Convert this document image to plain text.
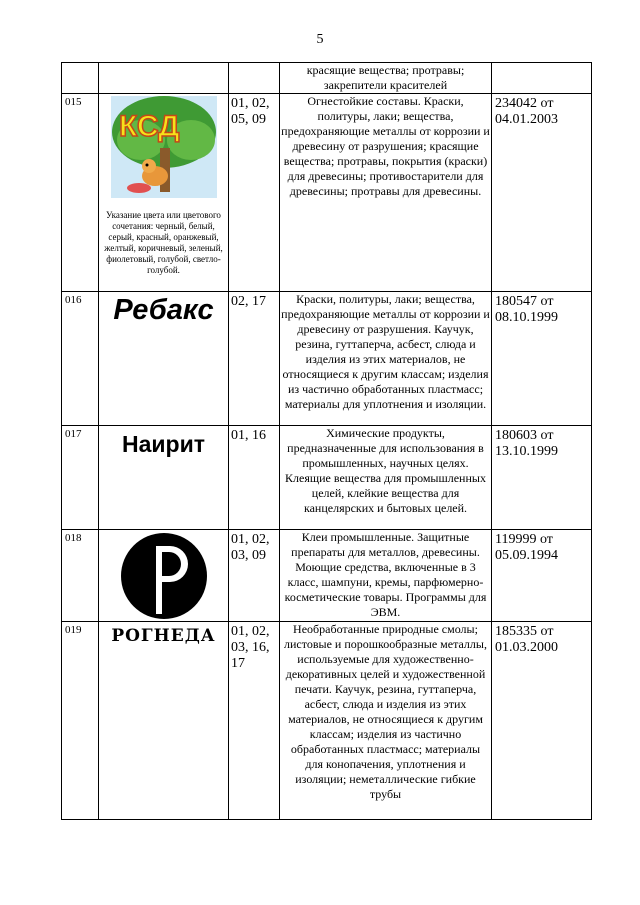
5
			красящие вещества; протравы; закрепители красителей	
015	КСД
Указание цвета или цветового сочетания: черный, белый, серый, красный, оранжевый, желтый, коричневый, зеленый, фиолетовый, голубой, светло-голубой.	01, 02, 05, 09	Огнестойкие составы. Краски, политуры, лаки; вещества, предохраняющие металлы от коррозии и древесину от разрушения; красящие вещества; протравы, покрытия (краски) для древесины; противостарители для древесины; протравы для древесины.	234042 от 04.01.2003
016	Ребакс	02, 17	Краски, политуры, лаки; вещества, предохраняющие металлы от коррозии и древесину от разрушения. Каучук, резина, гуттаперча, асбест, слюда и изделия из этих материалов, не относящиеся к другим классам; изделия из частично обработанных пластмасс; материалы для уплотнения и изоляции.	180547 от 08.10.1999
017	Наирит	01, 16	Химические продукты, предназначенные для использования в промышленных, научных целях. Клеящие вещества для промышленных целей, клейкие вещества для канцелярских и бытовых целей.	180603 от 13.10.1999
018		01, 02, 03, 09	Клеи промышленные. Защитные препараты для металлов, древесины. Моющие средства, включенные в 3 класс, шампуни, кремы, парфюмерно-косметические товары. Программы для ЭВМ.	119999 от 05.09.1994
019	РОГНЕДА	01, 02, 03, 16, 17	Необработанные природные смолы; листовые и порошкообразные металлы, используемые для художественно-декоративных целей и художественной печати. Каучук, резина, гуттаперча, асбест, слюда и изделия из этих материалов, не относящиеся к другим классам; изделия из частично обработанных пластмасс; материалы для конопачения, уплотнения и изоляции; неметаллические гибкие трубы	185335 от 01.03.2000
